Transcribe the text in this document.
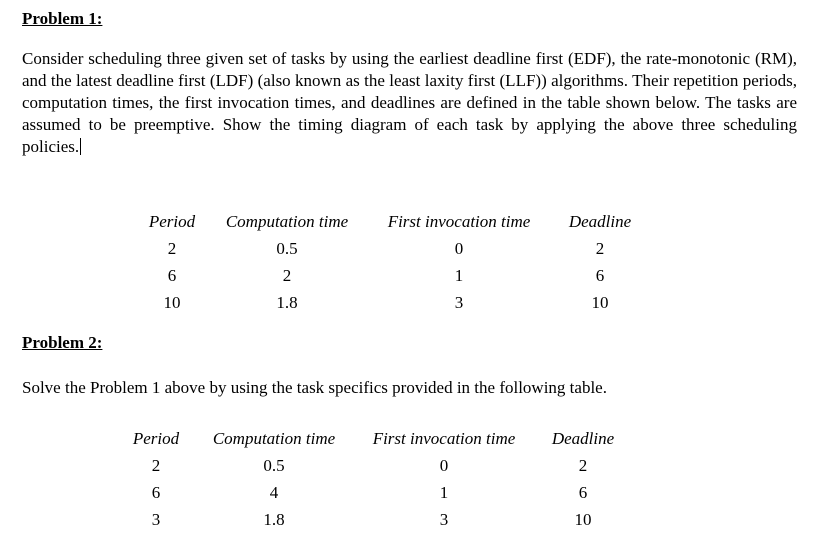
Problem 1:

Consider scheduling three given set of tasks by using the earliest deadline first (EDF), the rate-monotonic (RM), and the latest deadline first (LDF) (also known as the least laxity first (LLF)) algorithms. Their repetition periods, computation times, the first invocation times, and deadlines are defined in the table shown below. The tasks are assumed to be preemptive. Show the timing diagram of each task by applying the above three scheduling policies.

Period	Computation time	First invocation time	Deadline
2	0.5	0	2
6	2	1	6
10	1.8	3	10
Problem 2:

Solve the Problem 1 above by using the task specifics provided in the following table.

Period	Computation time	First invocation time	Deadline
2	0.5	0	2
6	4	1	6
3	1.8	3	10
